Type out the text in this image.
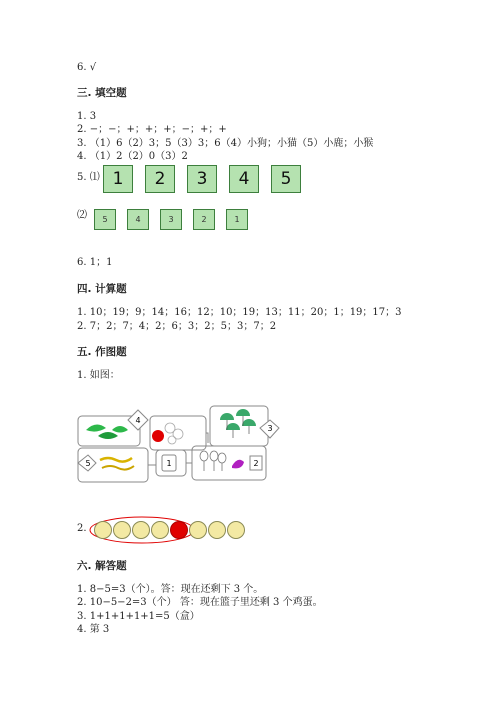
6. √
三. 填空题
1. 3
2. −；−；+；+；+；−；+；+
3. （1）6（2）3；5（3）3；6（4）小狗；小猫（5）小鹿；小猴
4. （1）2（2）0（3）2
5. ⑴ 1	2	3	4	5
⑵	5	4	3	2	1
6. 1；1
四. 计算题
1. 10；19；9；14；16；12；10；19；13；11；20；1；19；17；3
2. 7；2；7；4；2；6；3；2；5；3；7；2
五. 作图题
1. 如图：
4
3
5	1	2
2.
六. 解答题
1. 8−5=3（个）。答：现在还剩下 3 个。
2. 10−5−2=3（个） 答：现在篮子里还剩 3 个鸡蛋。
3. 1+1+1+1+1=5（盒）
4. 第 3
